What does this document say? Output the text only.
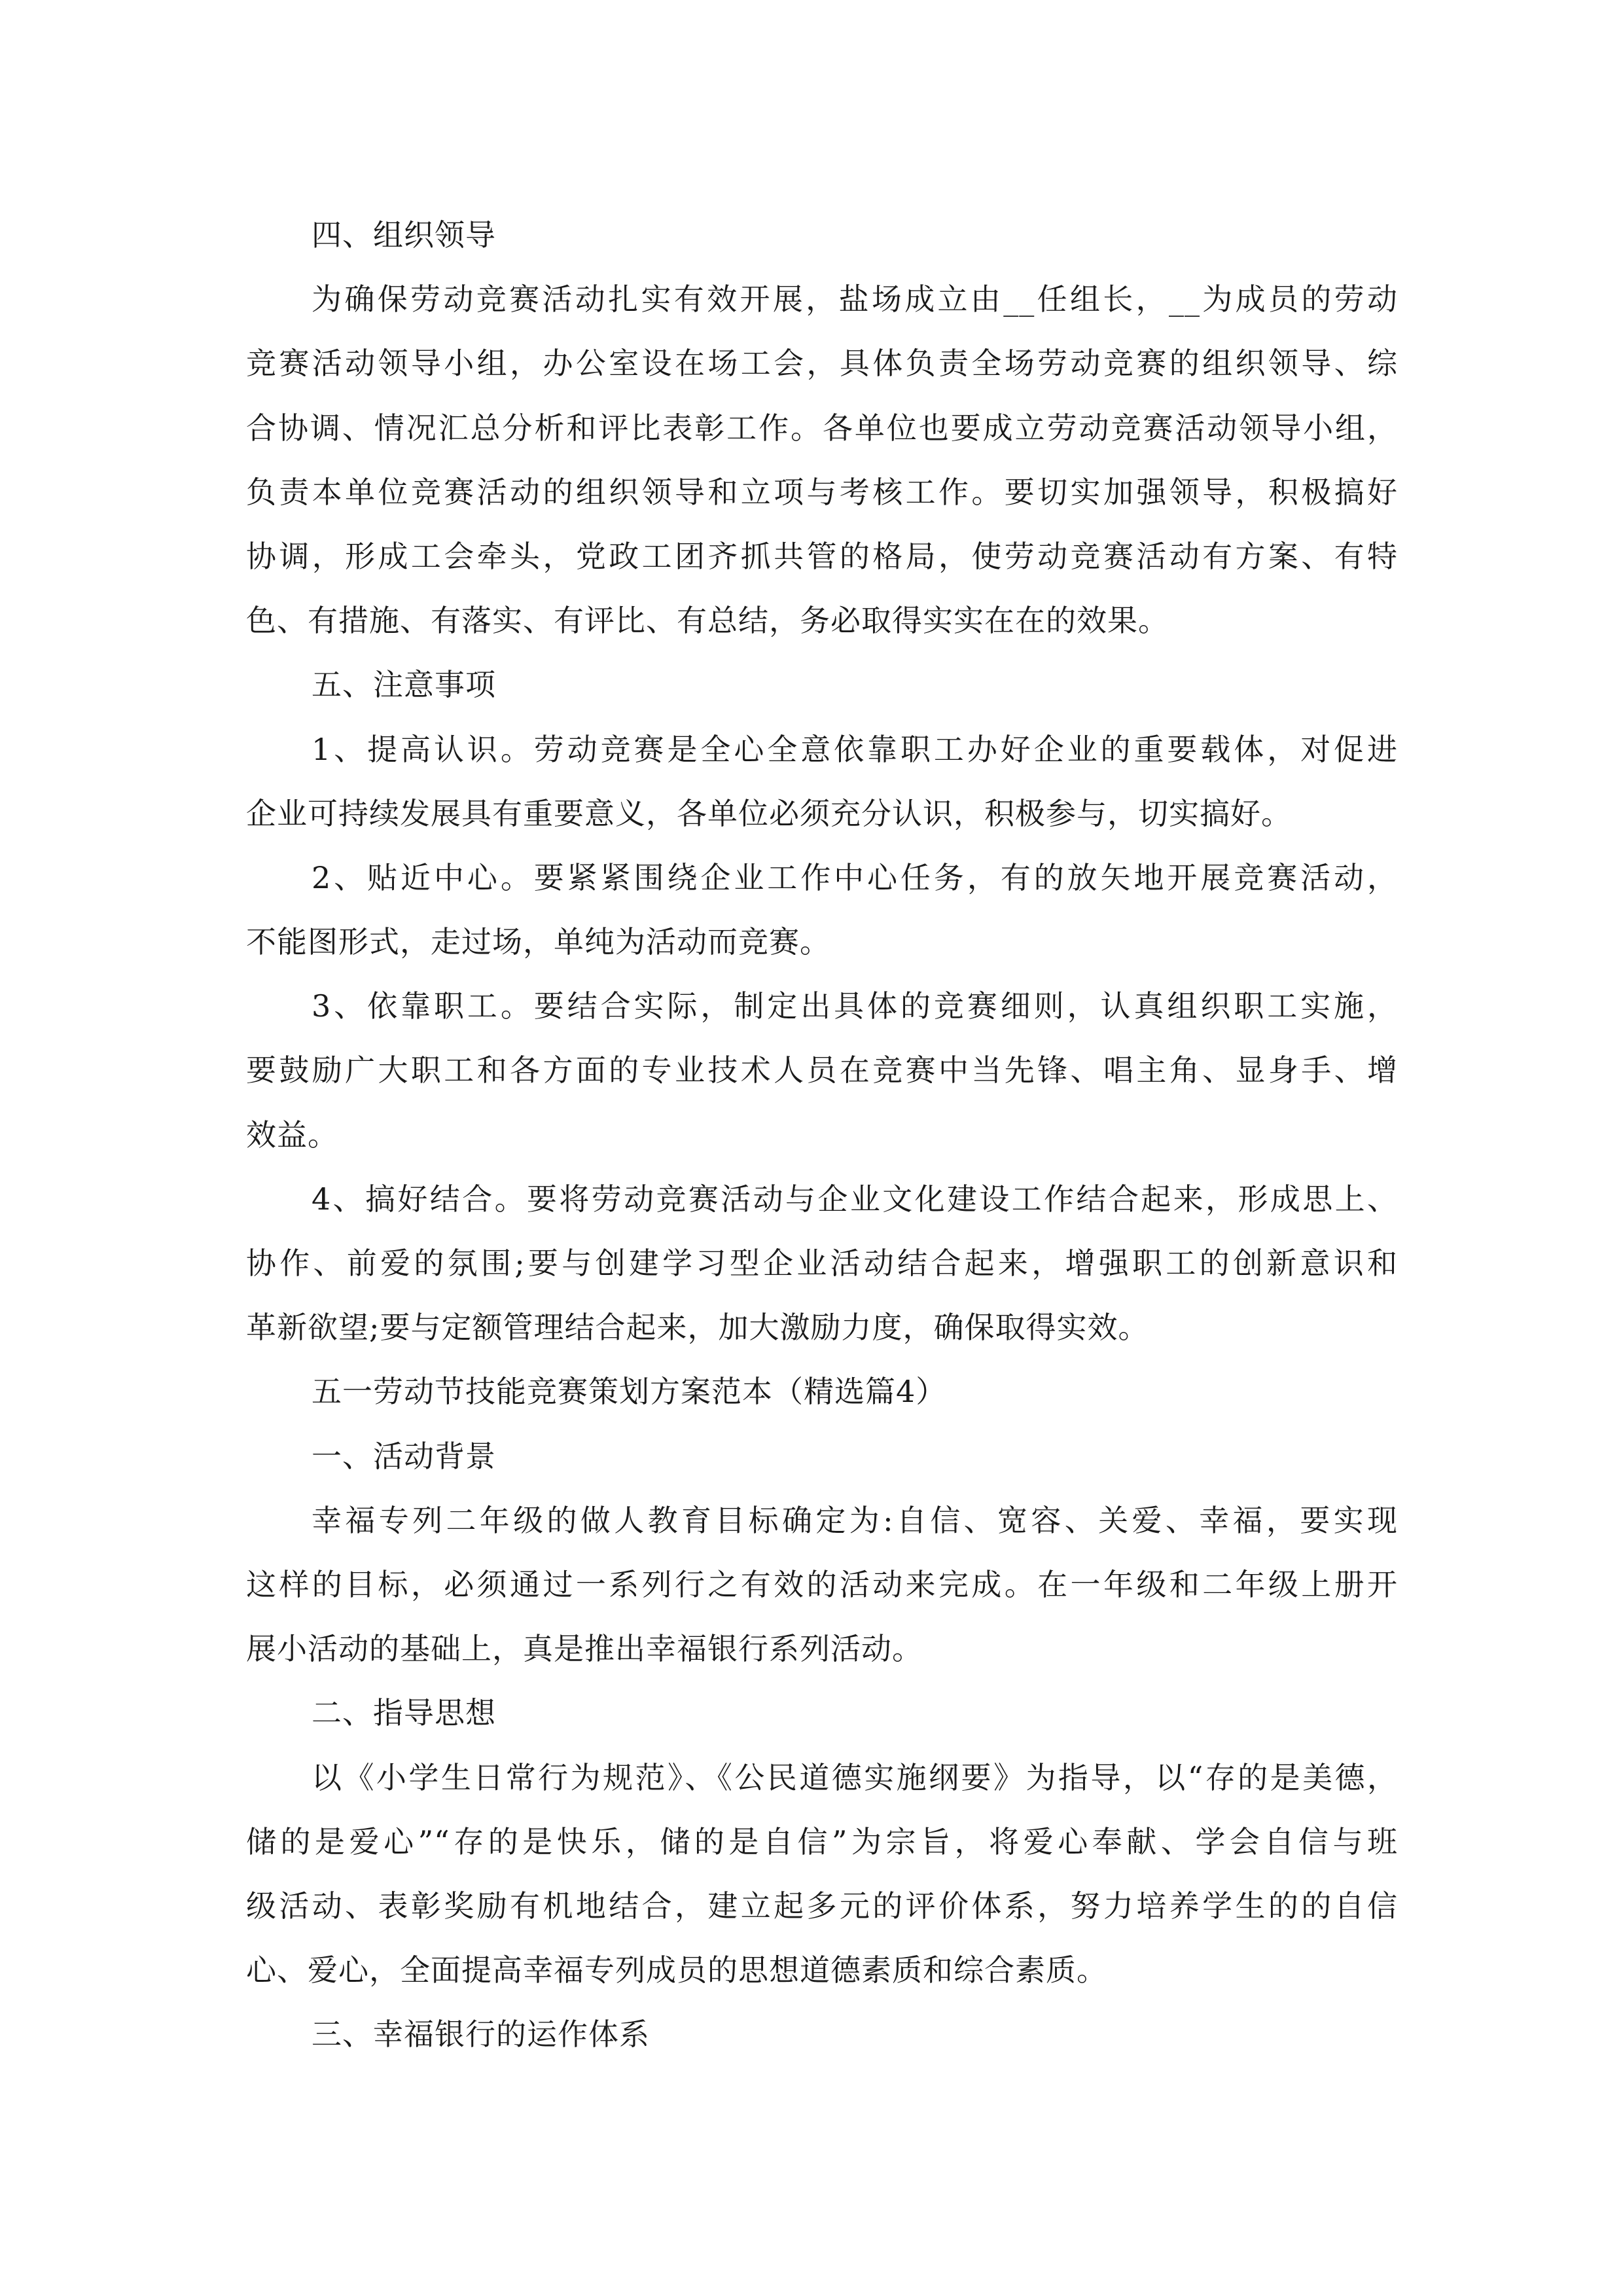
四、组织领导
为确保劳动竞赛活动扎实有效开展，盐场成立由__任组长，__为成员的劳动
竞赛活动领导小组，办公室设在场工会，具体负责全场劳动竞赛的组织领导、综
合协调、情况汇总分析和评比表彰工作。各单位也要成立劳动竞赛活动领导小组，
负责本单位竞赛活动的组织领导和立项与考核工作。要切实加强领导，积极搞好
协调，形成工会牵头，党政工团齐抓共管的格局，使劳动竞赛活动有方案、有特
色、有措施、有落实、有评比、有总结，务必取得实实在在的效果。
五、注意事项
1、提高认识。劳动竞赛是全心全意依靠职工办好企业的重要载体，对促进
企业可持续发展具有重要意义，各单位必须充分认识，积极参与，切实搞好。
2、贴近中心。要紧紧围绕企业工作中心任务，有的放矢地开展竞赛活动，
不能图形式，走过场，单纯为活动而竞赛。
3、依靠职工。要结合实际，制定出具体的竞赛细则，认真组织职工实施，
要鼓励广大职工和各方面的专业技术人员在竞赛中当先锋、唱主角、显身手、增
效益。
4、搞好结合。要将劳动竞赛活动与企业文化建设工作结合起来，形成思上、
协作、前爱的氛围;要与创建学习型企业活动结合起来，增强职工的创新意识和
革新欲望;要与定额管理结合起来，加大激励力度，确保取得实效。
五一劳动节技能竞赛策划方案范本（精选篇4）
一、活动背景
幸福专列二年级的做人教育目标确定为:自信、宽容、关爱、幸福，要实现
这样的目标，必须通过一系列行之有效的活动来完成。在一年级和二年级上册开
展小活动的基础上，真是推出幸福银行系列活动。
二、指导思想
以《小学生日常行为规范》、《公民道德实施纲要》为指导，以“存的是美德，
储的是爱心”“存的是快乐，储的是自信”为宗旨，将爱心奉献、学会自信与班
级活动、表彰奖励有机地结合，建立起多元的评价体系，努力培养学生的的自信
心、爱心，全面提高幸福专列成员的思想道德素质和综合素质。
三、幸福银行的运作体系
